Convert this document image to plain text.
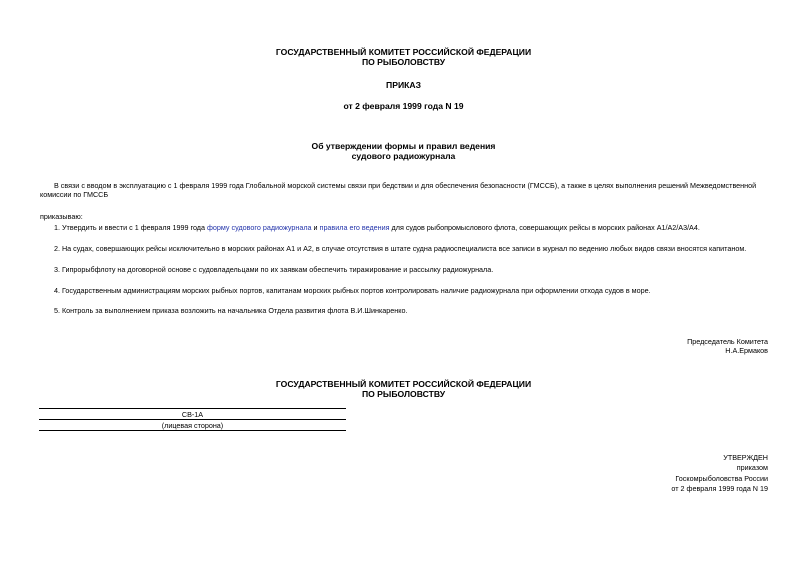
ГОСУДАРСТВЕННЫЙ КОМИТЕТ РОССИЙСКОЙ ФЕДЕРАЦИИ
ПО РЫБОЛОВСТВУ
ПРИКАЗ
от 2 февраля 1999 года N 19
Об утверждении формы и правил ведения
судового радиожурнала
В связи с вводом в эксплуатацию с 1 февраля 1999 года Глобальной морской системы связи при бедствии и для обеспечения безопасности (ГМССБ), а также в целях выполнения решений Межведомственной комиссии по ГМССБ
приказываю:
1. Утвердить и ввести с 1 февраля 1999 года форму судового радиожурнала и правила его ведения для судов рыбопромыслового флота, совершающих рейсы в морских районах А1/А2/А3/А4.
2. На судах, совершающих рейсы исключительно в морских районах А1 и А2, в случае отсутствия в штате судна радиоспециалиста все записи в журнал по ведению любых видов связи вносятся капитаном.
3. Гипрорыбфлоту на договорной основе с судовладельцами по их заявкам обеспечить тиражирование и рассылку радиожурнала.
4. Государственным администрациям морских рыбных портов, капитанам морских рыбных портов контролировать наличие радиожурнала при оформлении отхода судов в море.
5. Контроль за выполнением приказа возложить на начальника Отдела развития флота В.И.Шинкаренко.
Председатель Комитета
Н.А.Ермаков
ГОСУДАРСТВЕННЫЙ КОМИТЕТ РОССИЙСКОЙ ФЕДЕРАЦИИ
ПО РЫБОЛОВСТВУ
СВ-1А
(лицевая сторона)
УТВЕРЖДЕН
приказом
Госкомрыболовства России
от 2 февраля 1999 года N 19
